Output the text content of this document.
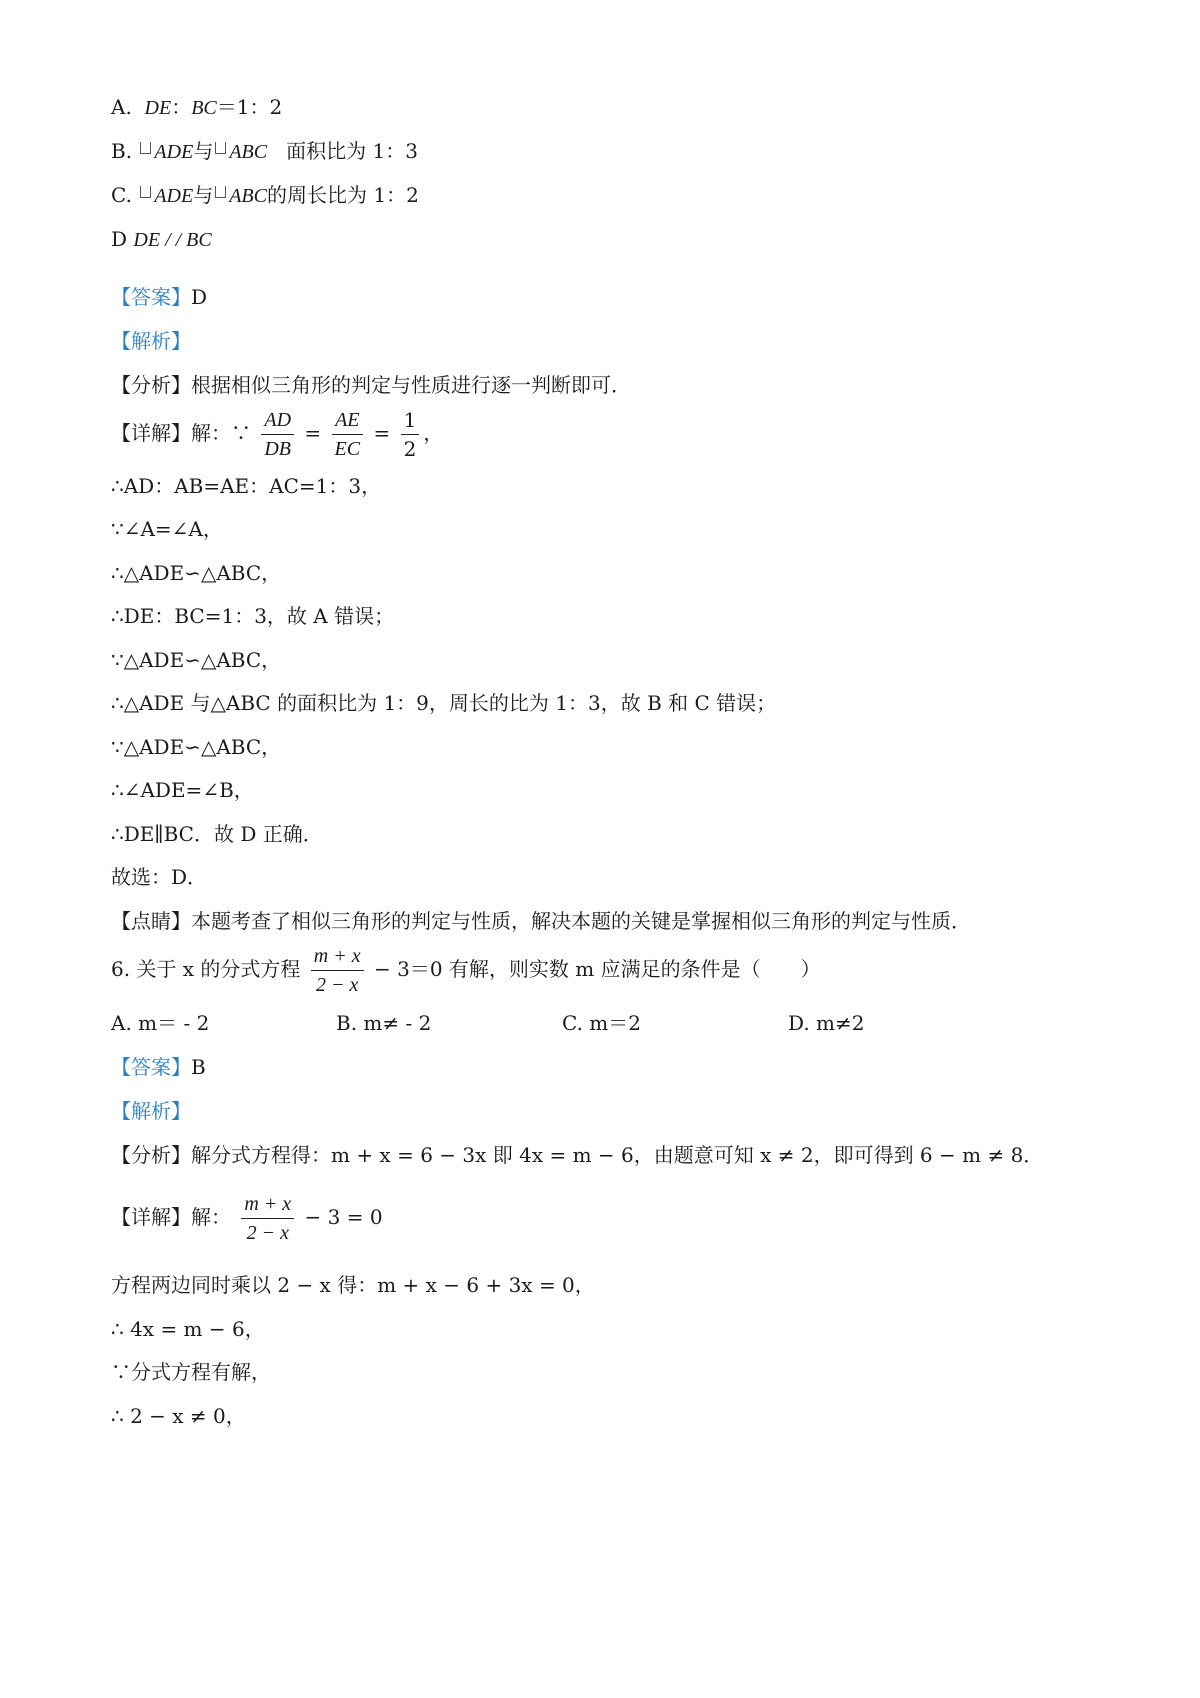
A. DE：BC＝1：2
B. ADE与 ABC 面积比为 1：3
C. ADE与 ABC的周长比为 1：2
D DE / / BC
【答案】D
【解析】
【分析】根据相似三角形的判定与性质进行逐一判断即可．
【详解】解：∵ $\frac{AD}{DB} = \frac{AE}{EC} = \frac{1}{2}$ ，
∴AD：AB=AE：AC=1：3，
∵∠A=∠A，
∴△ADE∽△ABC，
∴DE：BC=1：3，故 A 错误；
∵△ADE∽△ABC，
∴△ADE 与△ABC 的面积比为 1：9，周长的比为 1：3，故 B 和 C 错误；
∵△ADE∽△ABC，
∴∠ADE=∠B，
∴DE∥BC．故 D 正确．
故选：D．
【点睛】本题考查了相似三角形的判定与性质，解决本题的关键是掌握相似三角形的判定与性质．
6. 关于 x 的分式方程 $\frac{m + x}{2 - x} - 3=0$ 有解，则实数 m 应满足的条件是（　　）
A. m＝ - 2	B. m≠ - 2	C. m＝2	D. m≠2
【答案】B
【解析】
【分析】解分式方程得：m + x = 6 − 3x 即 4x = m − 6，由题意可知 x ≠ 2，即可得到 6 − m ≠ 8．
【详解】解： $\frac{m + x}{2 - x} - 3 = 0$
方程两边同时乘以 2 − x 得：m + x − 6 + 3x = 0，
∴ 4x = m − 6，
∵分式方程有解，
∴ 2 − x ≠ 0，
